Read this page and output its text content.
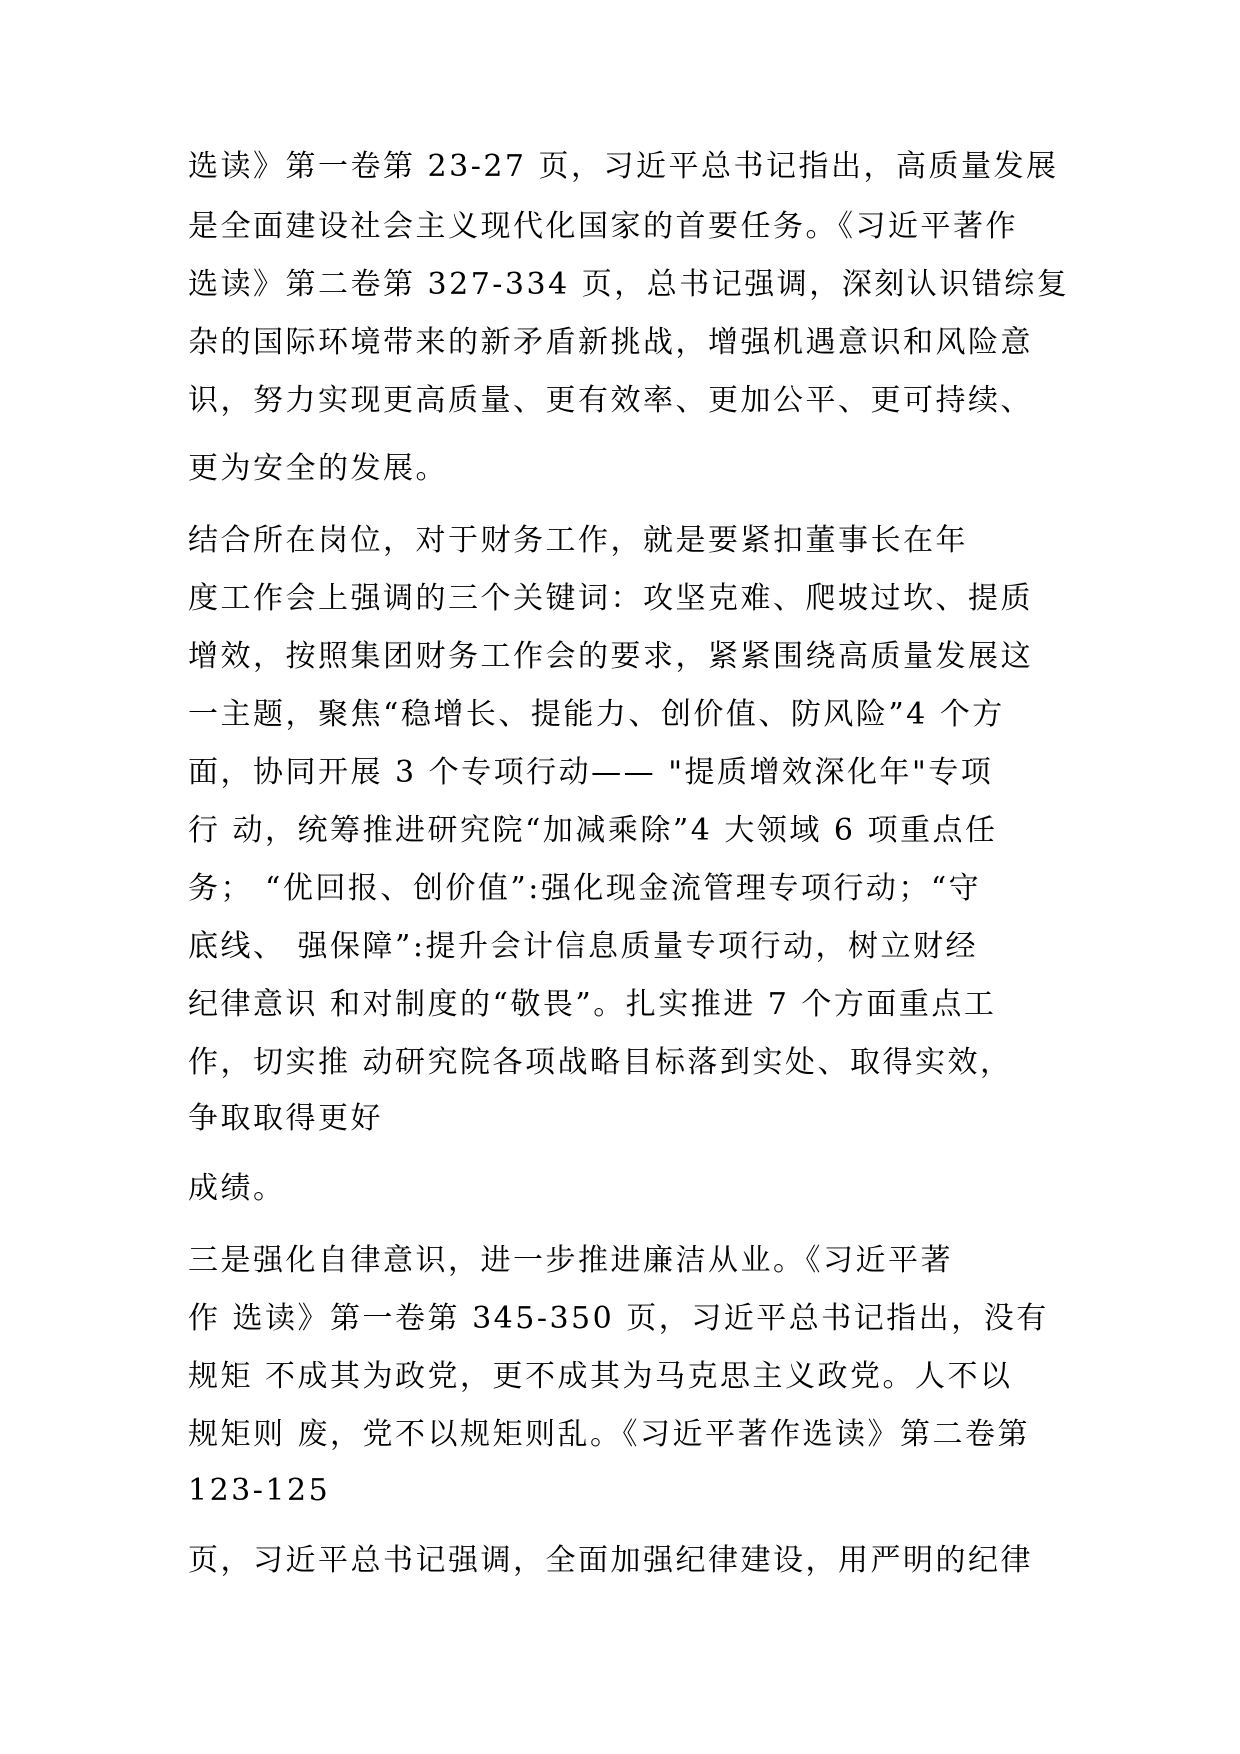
选读》第一卷第 23-27 页，习近平总书记指出，高质量发展

是全面建设社会主义现代化国家的首要任务。《习近平著作

选读》第二卷第 327-334 页，总书记强调，深刻认识错综复

杂的国际环境带来的新矛盾新挑战，增强机遇意识和风险意

识，努力实现更高质量、更有效率、更加公平、更可持续、

更为安全的发展。

结合所在岗位，对于财务工作，就是要紧扣董事长在年

度工作会上强调的三个关键词：攻坚克难、爬坡过坎、提质

增效，按照集团财务工作会的要求，紧紧围绕高质量发展这

一主题，聚焦“稳增长、提能力、创价值、防风险”4 个方

面，协同开展 3 个专项行动—— "提质增效深化年"专项

行 动，统筹推进研究院“加减乘除”4 大领域 6 项重点任

务； “优回报、创价值”:强化现金流管理专项行动；“守

底线、 强保障”:提升会计信息质量专项行动，树立财经

纪律意识 和对制度的“敬畏”。扎实推进 7 个方面重点工

作，切实推 动研究院各项战略目标落到实处、取得实效，

争取取得更好

成绩。

三是强化自律意识，进一步推进廉洁从业。《习近平著

作 选读》第一卷第 345-350 页，习近平总书记指出，没有

规矩 不成其为政党，更不成其为马克思主义政党。人不以

规矩则 废，党不以规矩则乱。《习近平著作选读》第二卷第

123-125

页，习近平总书记强调，全面加强纪律建设，用严明的纪律
